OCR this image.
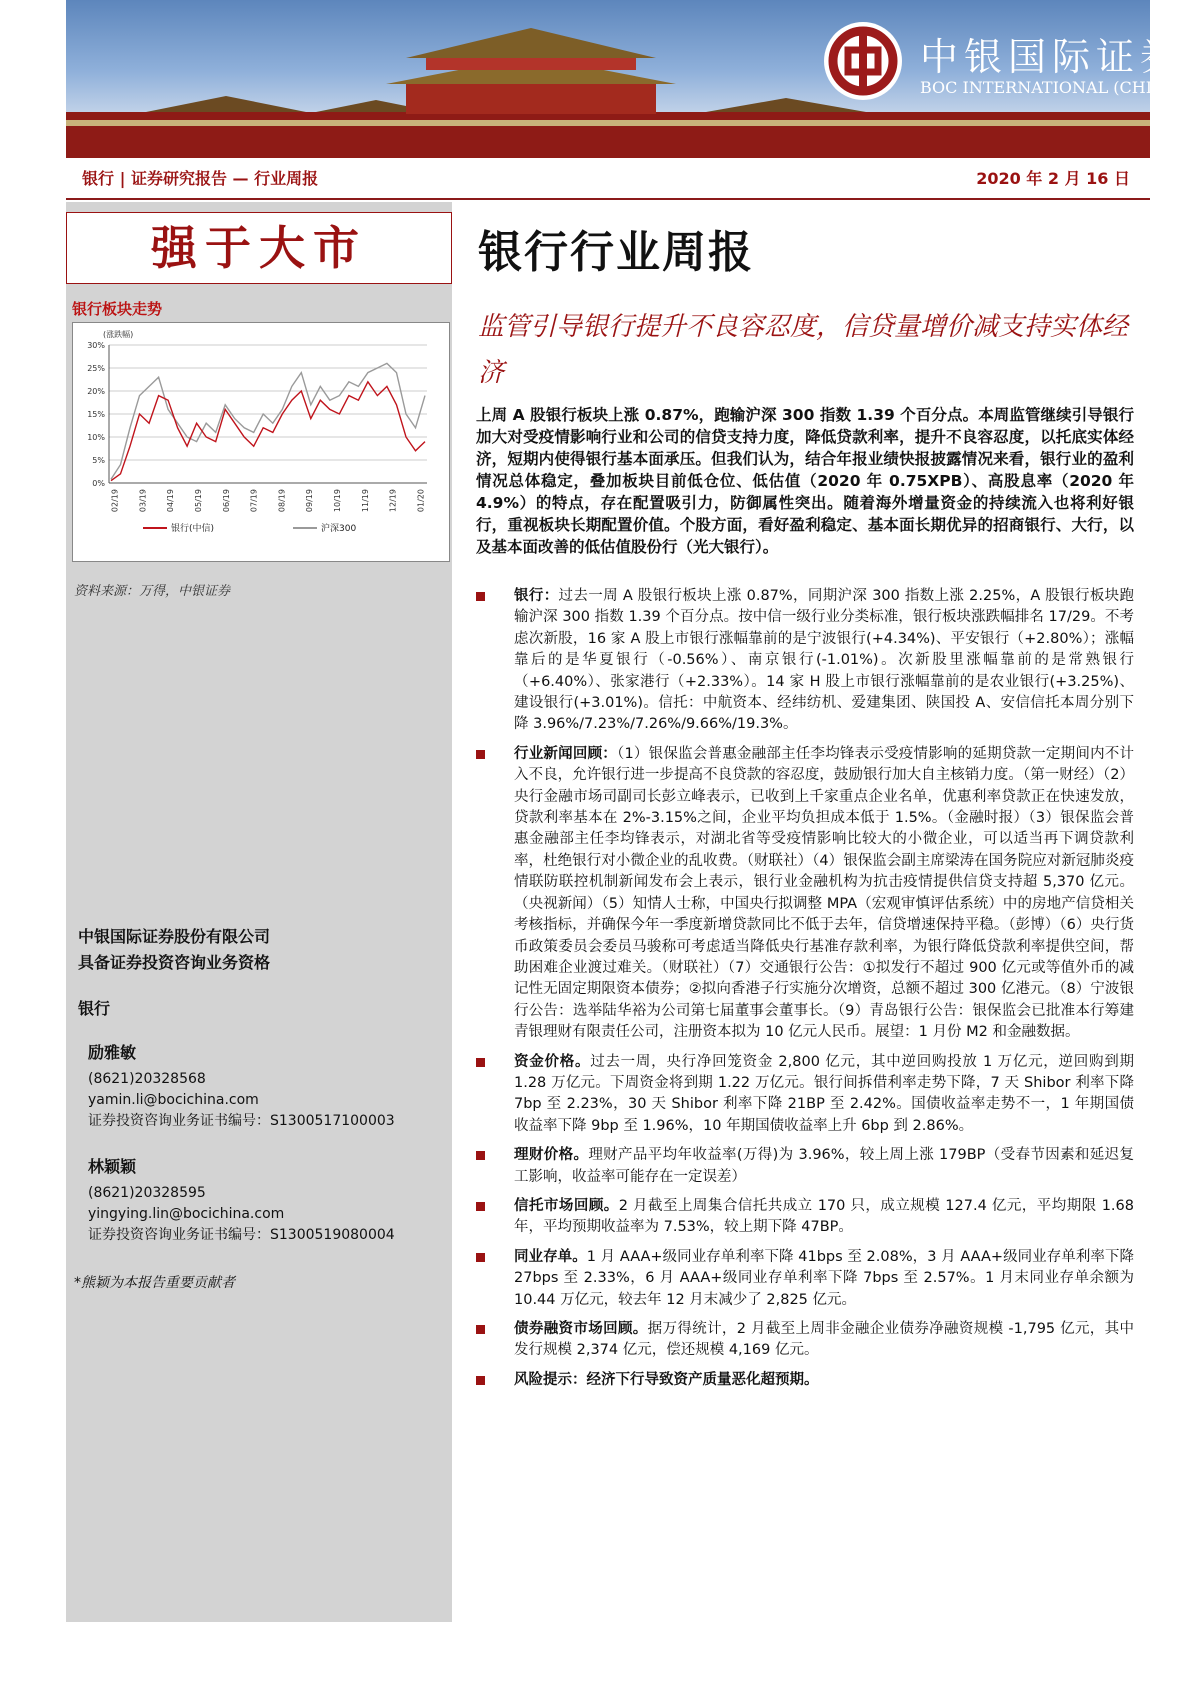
中银国际证券
BOC INTERNATIONAL (CHINA)
银行 | 证券研究报告 — 行业周报	2020 年 2 月 16 日
强于大市
银行板块走势
(涨跌幅)
0%
5%
10%
15%
20%
25%
30%
02/19 03/19 04/19 05/19 06/19 07/19 08/19 09/19 10/19 11/19 12/19 01/20
银行(中信)	沪深300
资料来源：万得，中银证券
中银国际证券股份有限公司
具备证券投资咨询业务资格
银行
励雅敏
(8621)20328568
yamin.li@bocichina.com
证券投资咨询业务证书编号：S1300517100003
林颖颖
(8621)20328595
yingying.lin@bocichina.com
证券投资咨询业务证书编号：S1300519080004
*熊颖为本报告重要贡献者
银行行业周报
监管引导银行提升不良容忍度，信贷量增价减支持实体经济
上周 A 股银行板块上涨 0.87%，跑输沪深 300 指数 1.39 个百分点。本周监管继续引导银行加大对受疫情影响行业和公司的信贷支持力度，降低贷款利率，提升不良容忍度，以托底实体经济，短期内使得银行基本面承压。但我们认为，结合年报业绩快报披露情况来看，银行业的盈利情况总体稳定，叠加板块目前低仓位、低估值（2020 年 0.75XPB）、高股息率（2020 年 4.9%）的特点，存在配置吸引力，防御属性突出。随着海外增量资金的持续流入也将利好银行，重视板块长期配置价值。个股方面，看好盈利稳定、基本面长期优异的招商银行、大行，以及基本面改善的低估值股份行（光大银行）。
银行：过去一周 A 股银行板块上涨 0.87%，同期沪深 300 指数上涨 2.25%，A 股银行板块跑输沪深 300 指数 1.39 个百分点。按中信一级行业分类标准，银行板块涨跌幅排名 17/29。不考虑次新股，16 家 A 股上市银行涨幅靠前的是宁波银行(+4.34%)、平安银行（+2.80%）；涨幅靠后的是华夏银行（-0.56%）、南京银行(-1.01%)。次新股里涨幅靠前的是常熟银行（+6.40%）、张家港行（+2.33%）。14 家 H 股上市银行涨幅靠前的是农业银行(+3.25%)、建设银行(+3.01%)。信托：中航资本、经纬纺机、爱建集团、陕国投 A、安信信托本周分别下降 3.96%/7.23%/7.26%/9.66%/19.3%。
行业新闻回顾：（1）银保监会普惠金融部主任李均锋表示受疫情影响的延期贷款一定期间内不计入不良，允许银行进一步提高不良贷款的容忍度，鼓励银行加大自主核销力度。（第一财经）（2）央行金融市场司副司长彭立峰表示，已收到上千家重点企业名单，优惠利率贷款正在快速发放，贷款利率基本在 2%-3.15%之间，企业平均负担成本低于 1.5%。（金融时报）（3）银保监会普惠金融部主任李均锋表示，对湖北省等受疫情影响比较大的小微企业，可以适当再下调贷款利率，杜绝银行对小微企业的乱收费。（财联社）（4）银保监会副主席梁涛在国务院应对新冠肺炎疫情联防联控机制新闻发布会上表示，银行业金融机构为抗击疫情提供信贷支持超 5,370 亿元。（央视新闻）（5）知情人士称，中国央行拟调整 MPA（宏观审慎评估系统）中的房地产信贷相关考核指标，并确保今年一季度新增贷款同比不低于去年，信贷增速保持平稳。（彭博）（6）央行货币政策委员会委员马骏称可考虑适当降低央行基准存款利率，为银行降低贷款利率提供空间，帮助困难企业渡过难关。（财联社）（7）交通银行公告：①拟发行不超过 900 亿元或等值外币的减记性无固定期限资本债券；②拟向香港子行实施分次增资，总额不超过 300 亿港元。（8）宁波银行公告：选举陆华裕为公司第七届董事会董事长。（9）青岛银行公告：银保监会已批准本行筹建青银理财有限责任公司，注册资本拟为 10 亿元人民币。展望：1 月份 M2 和金融数据。
资金价格。过去一周，央行净回笼资金 2,800 亿元，其中逆回购投放 1 万亿元，逆回购到期 1.28 万亿元。下周资金将到期 1.22 万亿元。银行间拆借利率走势下降，7 天 Shibor 利率下降 7bp 至 2.23%，30 天 Shibor 利率下降 21BP 至 2.42%。国债收益率走势不一，1 年期国债收益率下降 9bp 至 1.96%，10 年期国债收益率上升 6bp 到 2.86%。
理财价格。理财产品平均年收益率(万得)为 3.96%，较上周上涨 179BP（受春节因素和延迟复工影响，收益率可能存在一定误差）
信托市场回顾。2 月截至上周集合信托共成立 170 只，成立规模 127.4 亿元，平均期限 1.68 年，平均预期收益率为 7.53%，较上期下降 47BP。
同业存单。1 月 AAA+级同业存单利率下降 41bps 至 2.08%，3 月 AAA+级同业存单利率下降 27bps 至 2.33%，6 月 AAA+级同业存单利率下降 7bps 至 2.57%。1 月末同业存单余额为 10.44 万亿元，较去年 12 月末减少了 2,825 亿元。
债券融资市场回顾。据万得统计，2 月截至上周非金融企业债券净融资规模 -1,795 亿元，其中发行规模 2,374 亿元，偿还规模 4,169 亿元。
风险提示：经济下行导致资产质量恶化超预期。
